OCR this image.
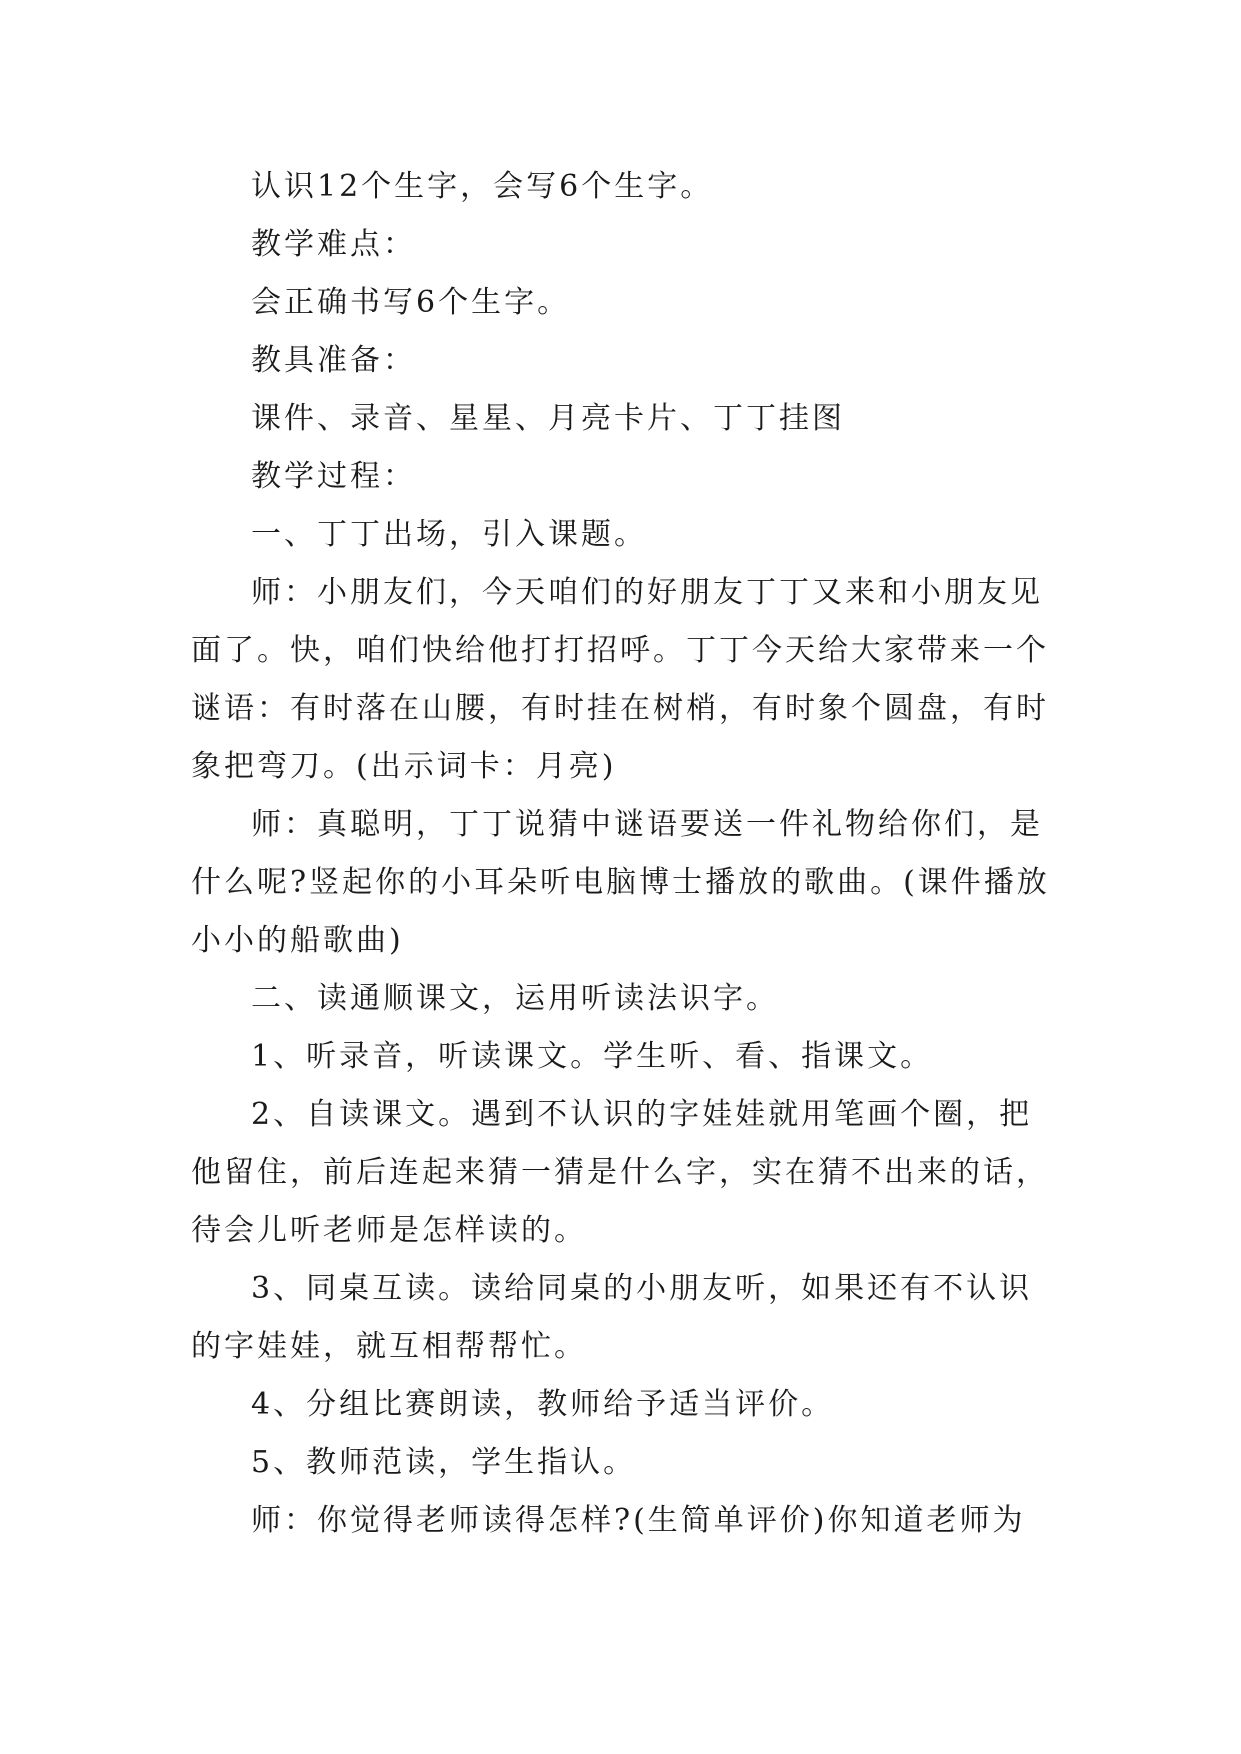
认识12个生字，会写6个生字。

教学难点：

会正确书写6个生字。

教具准备：

课件、录音、星星、月亮卡片、丁丁挂图

教学过程：

一、丁丁出场，引入课题。

师：小朋友们，今天咱们的好朋友丁丁又来和小朋友见面了。快，咱们快给他打打招呼。丁丁今天给大家带来一个谜语：有时落在山腰，有时挂在树梢，有时象个圆盘，有时象把弯刀。(出示词卡：月亮)

师：真聪明，丁丁说猜中谜语要送一件礼物给你们，是什么呢?竖起你的小耳朵听电脑博士播放的歌曲。(课件播放小小的船歌曲)

二、读通顺课文，运用听读法识字。

1、听录音，听读课文。学生听、看、指课文。

2、自读课文。遇到不认识的字娃娃就用笔画个圈，把他留住，前后连起来猜一猜是什么字，实在猜不出来的话，待会儿听老师是怎样读的。

3、同桌互读。读给同桌的小朋友听，如果还有不认识的字娃娃，就互相帮帮忙。

4、分组比赛朗读，教师给予适当评价。

5、教师范读，学生指认。

师：你觉得老师读得怎样?(生简单评价)你知道老师为
